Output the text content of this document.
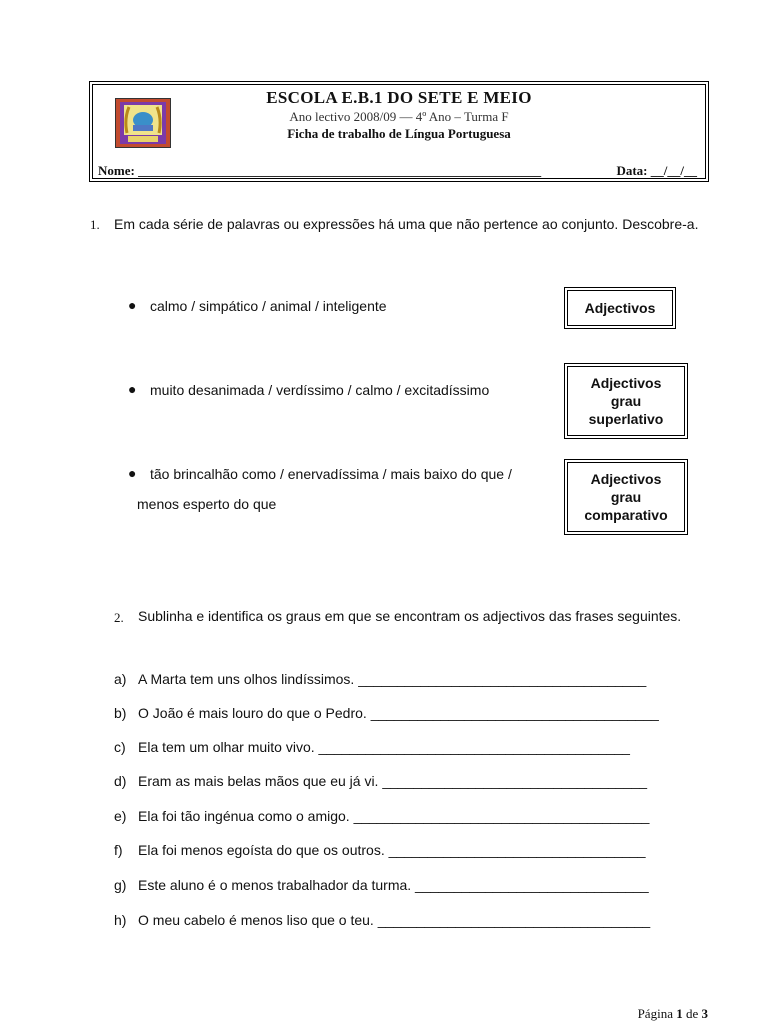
ESCOLA E.B.1 DO SETE E MEIO
Ano lectivo 2008/09 — 4º Ano – Turma F
Ficha de trabalho de Língua Portuguesa
Nome: ______________________________________________________________	Data: __/__/__
1. Em cada série de palavras ou expressões há uma que não pertence ao conjunto. Descobre-a.
● calmo / simpático / animal / inteligente	Adjectivos
● muito desanimada / verdíssimo / calmo / excitadíssimo	Adjectivos grau superlativo
● tão brincalhão como / enervadíssima / mais baixo do que /
menos esperto do que
Adjectivos grau comparativo
2. Sublinha e identifica os graus em que se encontram os adjectivos das frases seguintes.
a) A Marta tem uns olhos lindíssimos. _____________________________________
b) O João é mais louro do que o Pedro. _____________________________________
c) Ela tem um olhar muito vivo. ________________________________________
d) Eram as mais belas mãos que eu já vi. __________________________________
e) Ela foi tão ingénua como o amigo. ______________________________________
f) Ela foi menos egoísta do que os outros. _________________________________
g) Este aluno é o menos trabalhador da turma. ______________________________
h) O meu cabelo é menos liso que o teu. ___________________________________
Página 1 de 3
